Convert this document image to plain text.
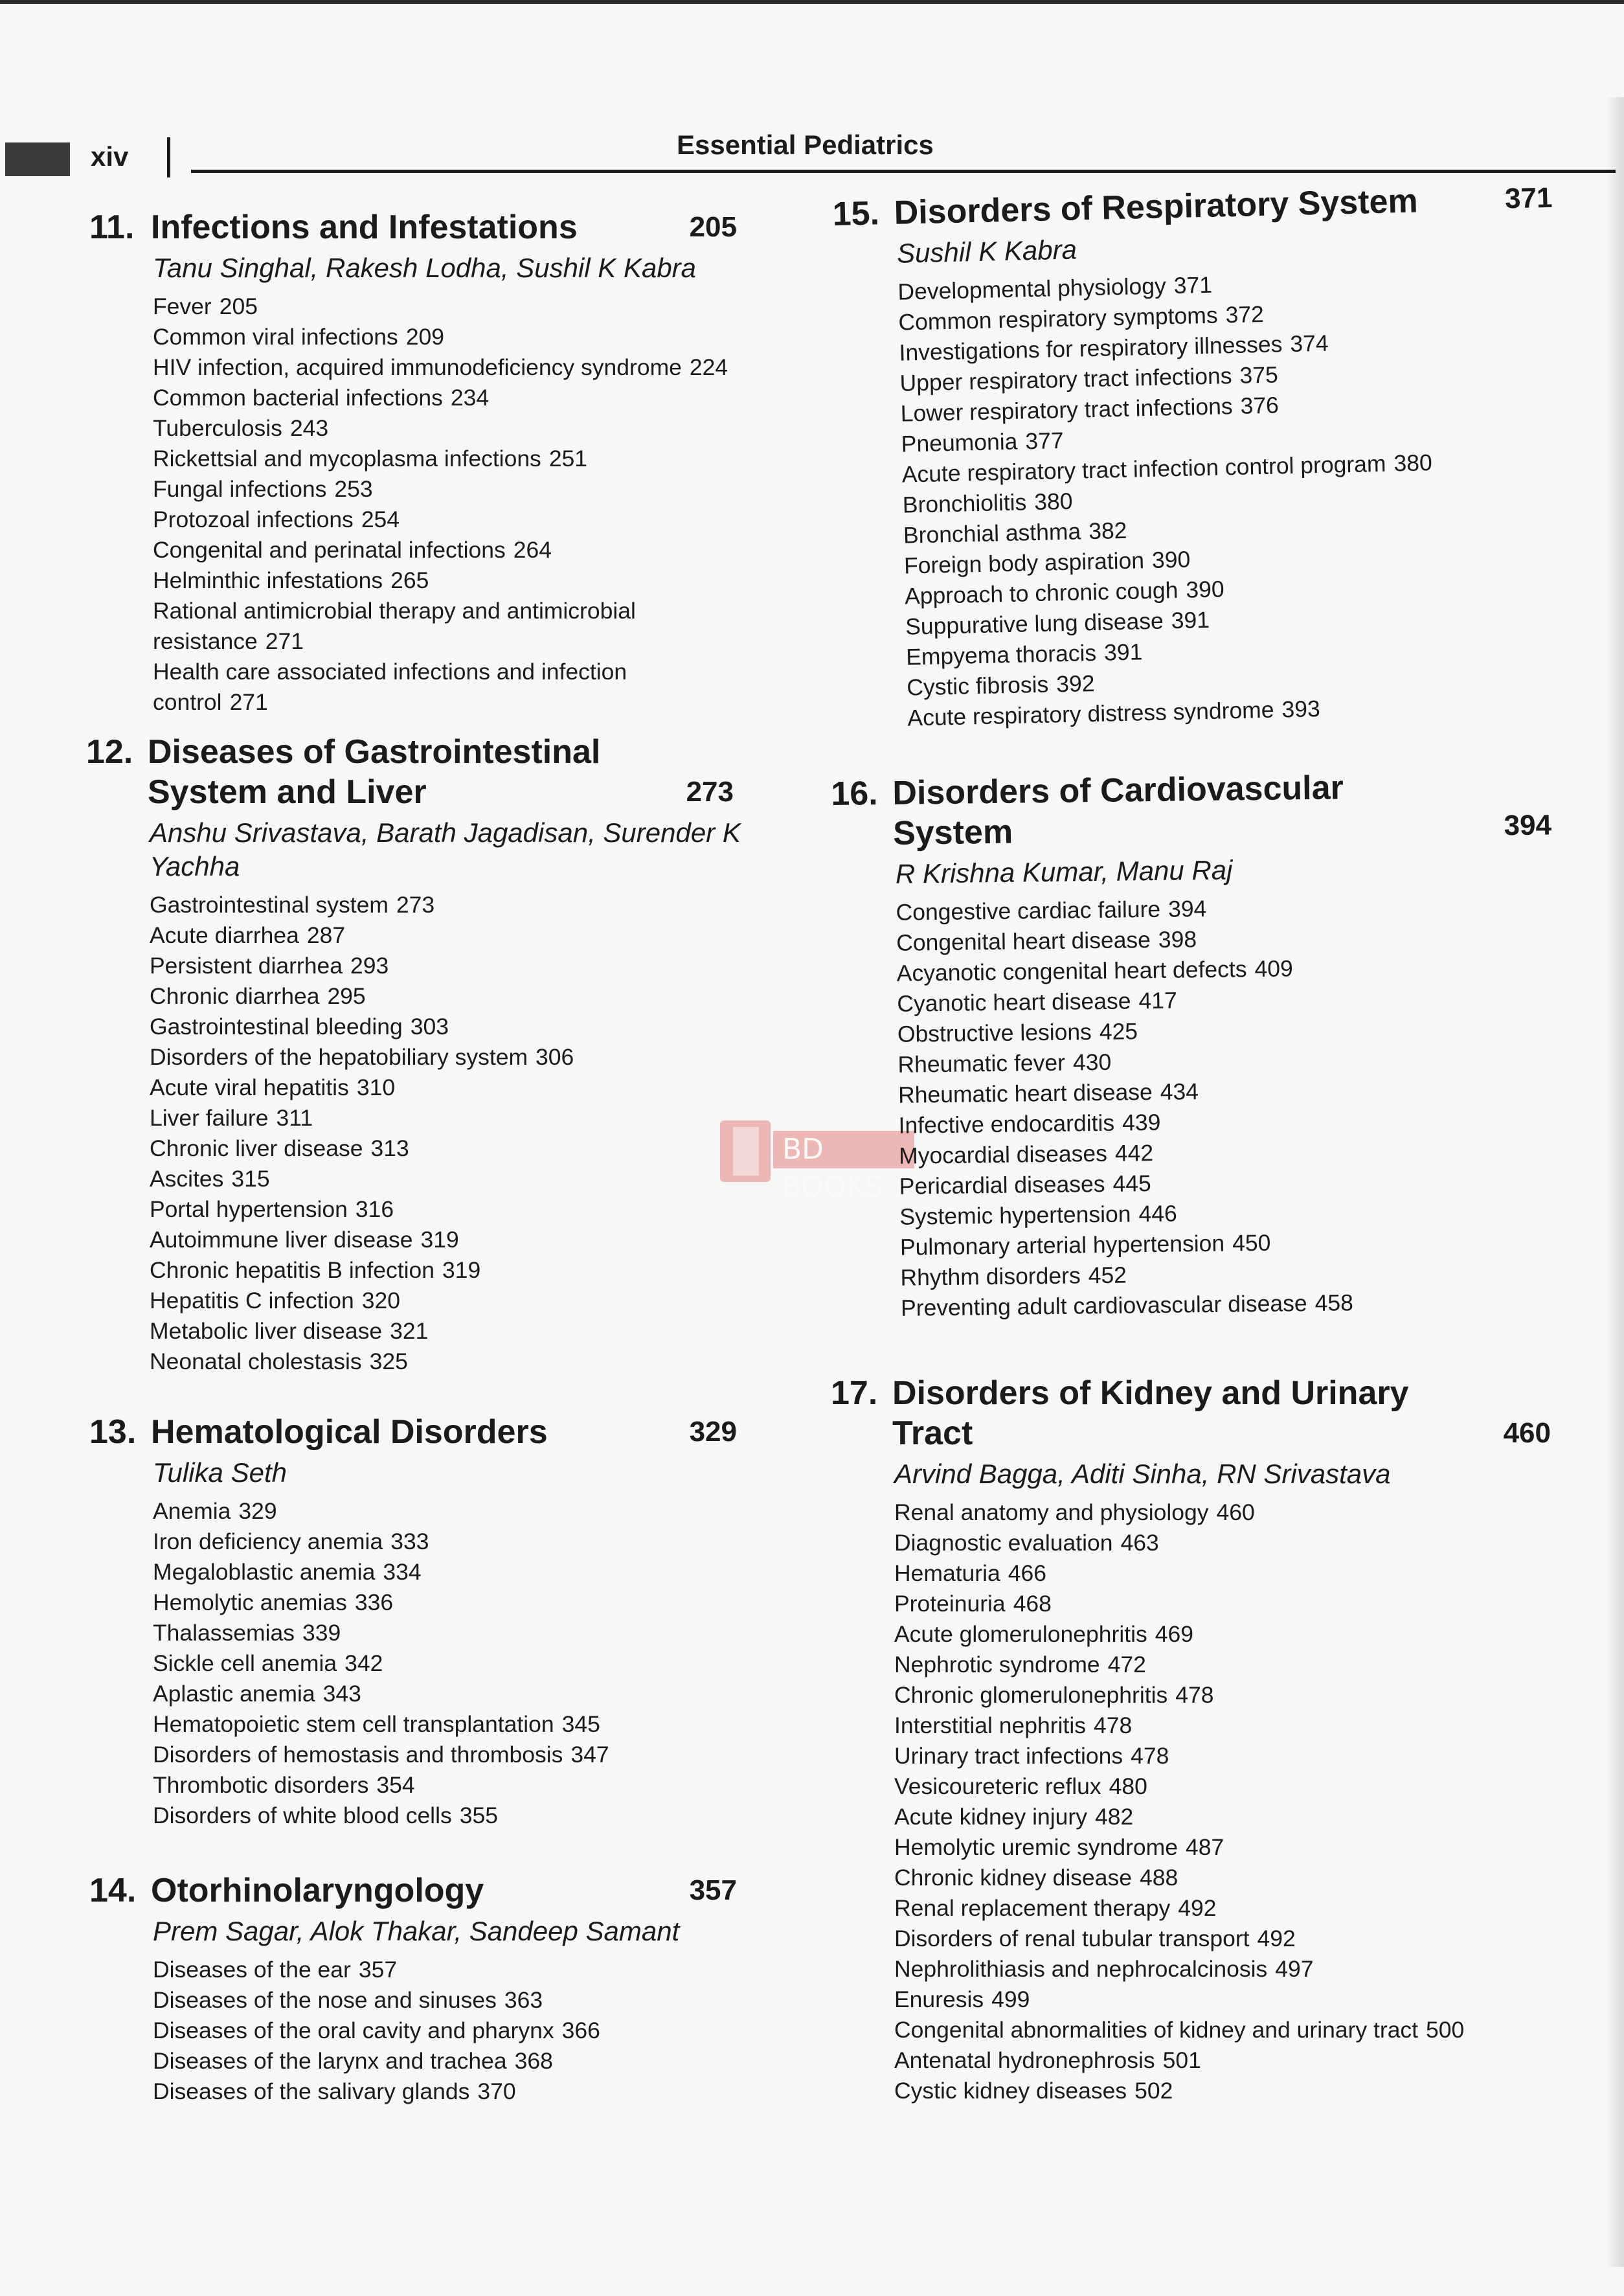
xiv	Essential Pediatrics
BD BOOKS
11. Infections and Infestations	205
Tanu Singhal, Rakesh Lodha, Sushil K Kabra
Fever 205
Common viral infections 209
HIV infection, acquired immunodeficiency syndrome 224
Common bacterial infections 234
Tuberculosis 243
Rickettsial and mycoplasma infections 251
Fungal infections 253
Protozoal infections 254
Congenital and perinatal infections 264
Helminthic infestations 265
Rational antimicrobial therapy and antimicrobial resistance 271
Health care associated infections and infection control 271
12. Diseases of Gastrointestinal System and Liver	273
Anshu Srivastava, Barath Jagadisan, Surender K Yachha
Gastrointestinal system 273
Acute diarrhea 287
Persistent diarrhea 293
Chronic diarrhea 295
Gastrointestinal bleeding 303
Disorders of the hepatobiliary system 306
Acute viral hepatitis 310
Liver failure 311
Chronic liver disease 313
Ascites 315
Portal hypertension 316
Autoimmune liver disease 319
Chronic hepatitis B infection 319
Hepatitis C infection 320
Metabolic liver disease 321
Neonatal cholestasis 325
13. Hematological Disorders	329
Tulika Seth
Anemia 329
Iron deficiency anemia 333
Megaloblastic anemia 334
Hemolytic anemias 336
Thalassemias 339
Sickle cell anemia 342
Aplastic anemia 343
Hematopoietic stem cell transplantation 345
Disorders of hemostasis and thrombosis 347
Thrombotic disorders 354
Disorders of white blood cells 355
14. Otorhinolaryngology	357
Prem Sagar, Alok Thakar, Sandeep Samant
Diseases of the ear 357
Diseases of the nose and sinuses 363
Diseases of the oral cavity and pharynx 366
Diseases of the larynx and trachea 368
Diseases of the salivary glands 370
15. Disorders of Respiratory System	371
Sushil K Kabra
Developmental physiology 371
Common respiratory symptoms 372
Investigations for respiratory illnesses 374
Upper respiratory tract infections 375
Lower respiratory tract infections 376
Pneumonia 377
Acute respiratory tract infection control program 380
Bronchiolitis 380
Bronchial asthma 382
Foreign body aspiration 390
Approach to chronic cough 390
Suppurative lung disease 391
Empyema thoracis 391
Cystic fibrosis 392
Acute respiratory distress syndrome 393
16. Disorders of Cardiovascular System	394
R Krishna Kumar, Manu Raj
Congestive cardiac failure 394
Congenital heart disease 398
Acyanotic congenital heart defects 409
Cyanotic heart disease 417
Obstructive lesions 425
Rheumatic fever 430
Rheumatic heart disease 434
Infective endocarditis 439
Myocardial diseases 442
Pericardial diseases 445
Systemic hypertension 446
Pulmonary arterial hypertension 450
Rhythm disorders 452
Preventing adult cardiovascular disease 458
17. Disorders of Kidney and Urinary Tract	460
Arvind Bagga, Aditi Sinha, RN Srivastava
Renal anatomy and physiology 460
Diagnostic evaluation 463
Hematuria 466
Proteinuria 468
Acute glomerulonephritis 469
Nephrotic syndrome 472
Chronic glomerulonephritis 478
Interstitial nephritis 478
Urinary tract infections 478
Vesicoureteric reflux 480
Acute kidney injury 482
Hemolytic uremic syndrome 487
Chronic kidney disease 488
Renal replacement therapy 492
Disorders of renal tubular transport 492
Nephrolithiasis and nephrocalcinosis 497
Enuresis 499
Congenital abnormalities of kidney and urinary tract 500
Antenatal hydronephrosis 501
Cystic kidney diseases 502
